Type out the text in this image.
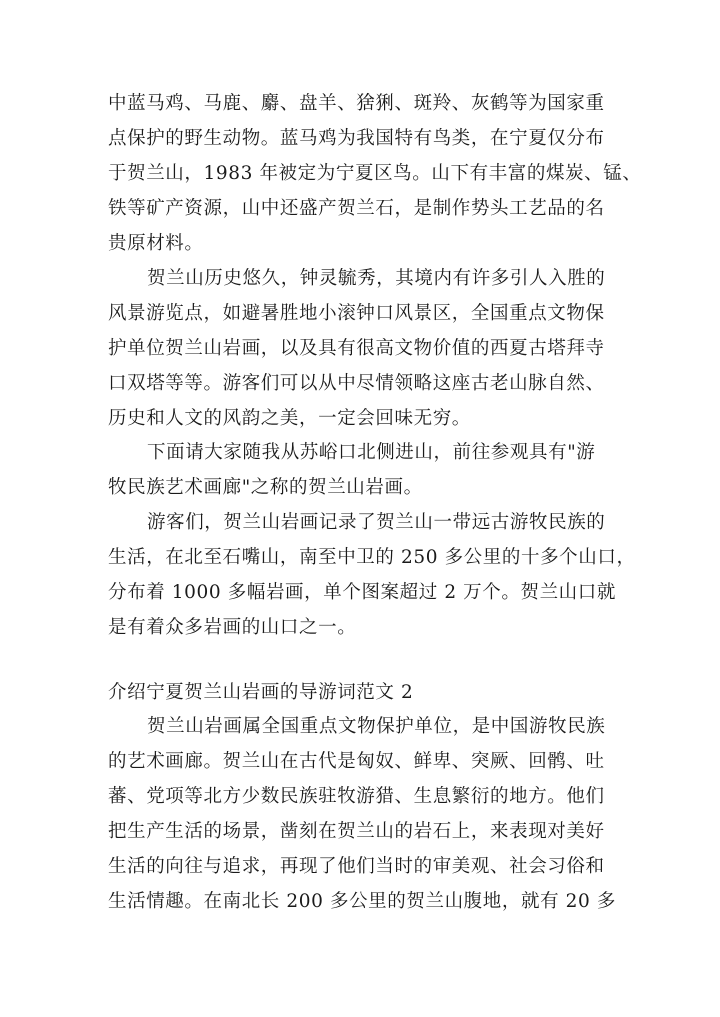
中蓝马鸡、马鹿、麝、盘羊、猞猁、斑羚、灰鹤等为国家重
点保护的野生动物。蓝马鸡为我国特有鸟类，在宁夏仅分布
于贺兰山，1983 年被定为宁夏区鸟。山下有丰富的煤炭、锰、
铁等矿产资源，山中还盛产贺兰石，是制作势头工艺品的名
贵原材料。
贺兰山历史悠久，钟灵毓秀，其境内有许多引人入胜的
风景游览点，如避暑胜地小滚钟口风景区，全国重点文物保
护单位贺兰山岩画，以及具有很高文物价值的西夏古塔拜寺
口双塔等等。游客们可以从中尽情领略这座古老山脉自然、
历史和人文的风韵之美，一定会回味无穷。
下面请大家随我从苏峪口北侧进山，前往参观具有"游
牧民族艺术画廊"之称的贺兰山岩画。
游客们，贺兰山岩画记录了贺兰山一带远古游牧民族的
生活，在北至石嘴山，南至中卫的 250 多公里的十多个山口，
分布着 1000 多幅岩画，单个图案超过 2 万个。贺兰山口就
是有着众多岩画的山口之一。
介绍宁夏贺兰山岩画的导游词范文 2
贺兰山岩画属全国重点文物保护单位，是中国游牧民族
的艺术画廊。贺兰山在古代是匈奴、鲜卑、突厥、回鹘、吐
蕃、党项等北方少数民族驻牧游猎、生息繁衍的地方。他们
把生产生活的场景，凿刻在贺兰山的岩石上，来表现对美好
生活的向往与追求，再现了他们当时的审美观、社会习俗和
生活情趣。在南北长 200 多公里的贺兰山腹地，就有 20 多
